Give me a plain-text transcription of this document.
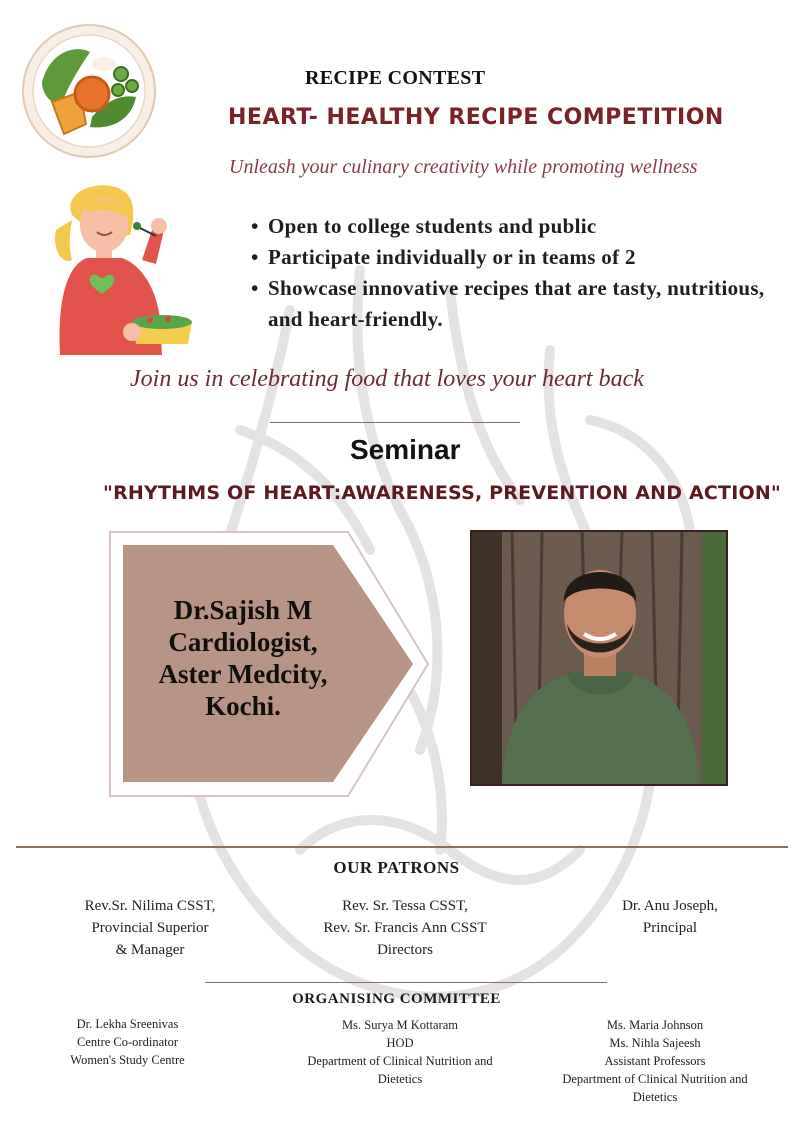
RECIPE CONTEST
HEART- HEALTHY RECIPE COMPETITION
Unleash your culinary creativity while promoting wellness
• Open to college students and public
• Participate individually or in teams of 2
• Showcase innovative recipes that are tasty, nutritious, and heart-friendly.
Join us in celebrating food that loves your heart back
Seminar
"RHYTHMS OF HEART:AWARENESS, PREVENTION AND ACTION"
Dr.Sajish M
Cardiologist,
Aster Medcity,
Kochi.
OUR PATRONS
Rev.Sr. Nilima CSST,
Provincial Superior
& Manager
Rev. Sr. Tessa CSST,
Rev. Sr. Francis Ann CSST
Directors
Dr. Anu Joseph,
Principal
ORGANISING COMMITTEE
Dr. Lekha Sreenivas
Centre Co-ordinator
Women's Study Centre
Ms. Surya M Kottaram
HOD
Department of Clinical Nutrition and
Dietetics
Ms. Maria Johnson
Ms. Nihla Sajeesh
Assistant Professors
Department of Clinical Nutrition and
Dietetics
